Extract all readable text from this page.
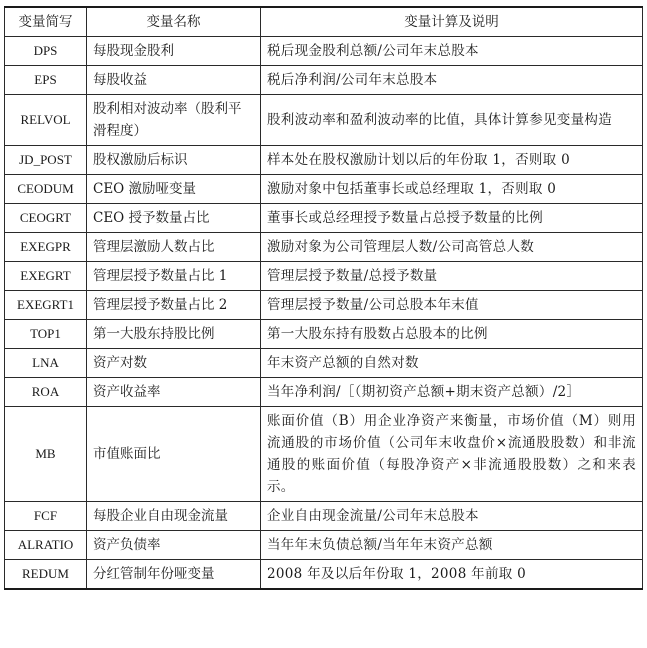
变量简写	变量名称	变量计算及说明
DPS	每股现金股利	税后现金股利总额/公司年末总股本
EPS	每股收益	税后净利润/公司年末总股本
RELVOL	股利相对波动率（股利平滑程度）	股利波动率和盈利波动率的比值，具体计算参见变量构造
JD_POST	股权激励后标识	样本处在股权激励计划以后的年份取 1，否则取 0
CEODUM	CEO 激励哑变量	激励对象中包括董事长或总经理取 1，否则取 0
CEOGRT	CEO 授予数量占比	董事长或总经理授予数量占总授予数量的比例
EXEGPR	管理层激励人数占比	激励对象为公司管理层人数/公司高管总人数
EXEGRT	管理层授予数量占比 1	管理层授予数量/总授予数量
EXEGRT1	管理层授予数量占比 2	管理层授予数量/公司总股本年末值
TOP1	第一大股东持股比例	第一大股东持有股数占总股本的比例
LNA	资产对数	年末资产总额的自然对数
ROA	资产收益率	当年净利润/［（期初资产总额+期末资产总额）/2］
MB	市值账面比	账面价值（B）用企业净资产来衡量，市场价值（M）则用流通股的市场价值（公司年末收盘价×流通股股数）和非流通股的账面价值（每股净资产×非流通股股数）之和来表示。
FCF	每股企业自由现金流量	企业自由现金流量/公司年末总股本
ALRATIO	资产负债率	当年年末负债总额/当年年末资产总额
REDUM	分红管制年份哑变量	2008 年及以后年份取 1，2008 年前取 0
